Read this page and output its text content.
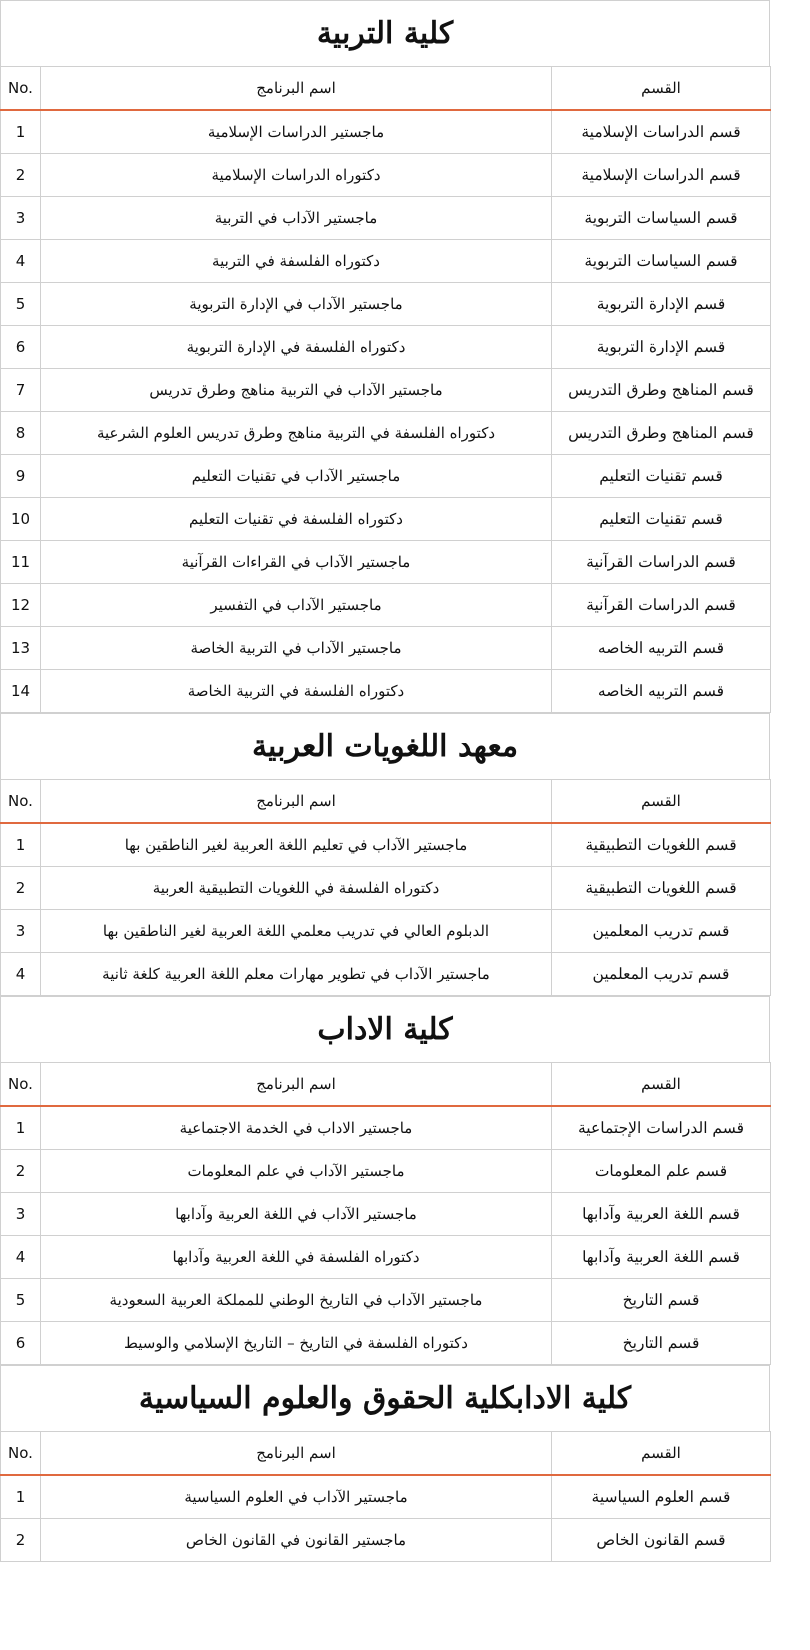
كلية التربية
No.	اسم البرنامج	القسم
1	ماجستير الدراسات الإسلامية	قسم الدراسات الإسلامية
2	دكتوراه الدراسات الإسلامية	قسم الدراسات الإسلامية
3	ماجستير الآداب في التربية	قسم السياسات التربوية
4	دكتوراه الفلسفة في التربية	قسم السياسات التربوية
5	ماجستير الآداب في الإدارة التربوية	قسم الإدارة التربوية
6	دكتوراه الفلسفة في الإدارة التربوية	قسم الإدارة التربوية
7	ماجستير الآداب في التربية مناهج وطرق تدريس	قسم المناهج وطرق التدريس
8	دكتوراه الفلسفة في التربية مناهج وطرق تدريس العلوم الشرعية	قسم المناهج وطرق التدريس
9	ماجستير الآداب في تقنيات التعليم	قسم تقنيات التعليم
10	دكتوراه الفلسفة في تقنيات التعليم	قسم تقنيات التعليم
11	ماجستير الآداب في القراءات القرآنية	قسم الدراسات القرآنية
12	ماجستير الآداب في التفسير	قسم الدراسات القرآنية
13	ماجستير الآداب في التربية الخاصة	قسم التربيه الخاصه
14	دكتوراه الفلسفة في التربية الخاصة	قسم التربيه الخاصه
معهد اللغويات العربية
No.	اسم البرنامج	القسم
1	ماجستير الآداب في تعليم اللغة العربية لغير الناطقين بها	قسم اللغويات التطبيقية
2	دكتوراه الفلسفة في اللغويات التطبيقية العربية	قسم اللغويات التطبيقية
3	الدبلوم العالي في تدريب معلمي اللغة العربية لغير الناطقين بها	قسم تدريب المعلمين
4	ماجستير الآداب في تطوير مهارات معلم اللغة العربية كلغة ثانية	قسم تدريب المعلمين
كلية الاداب
No.	اسم البرنامج	القسم
1	ماجستير الاداب في الخدمة الاجتماعية	قسم الدراسات الإجتماعية
2	ماجستير الآداب في علم المعلومات	قسم علم المعلومات
3	ماجستير الآداب في اللغة العربية وآدابها	قسم اللغة العربية وآدابها
4	دكتوراه الفلسفة في اللغة العربية وآدابها	قسم اللغة العربية وآدابها
5	ماجستير الآداب في التاريخ الوطني للمملكة العربية السعودية	قسم التاريخ
6	دكتوراه الفلسفة في التاريخ – التاريخ الإسلامي والوسيط	قسم التاريخ
كلية الادابكلية الحقوق والعلوم السياسية
No.	اسم البرنامج	القسم
1	ماجستير الآداب في العلوم السياسية	قسم العلوم السياسية
2	ماجستير القانون في القانون الخاص	قسم القانون الخاص
